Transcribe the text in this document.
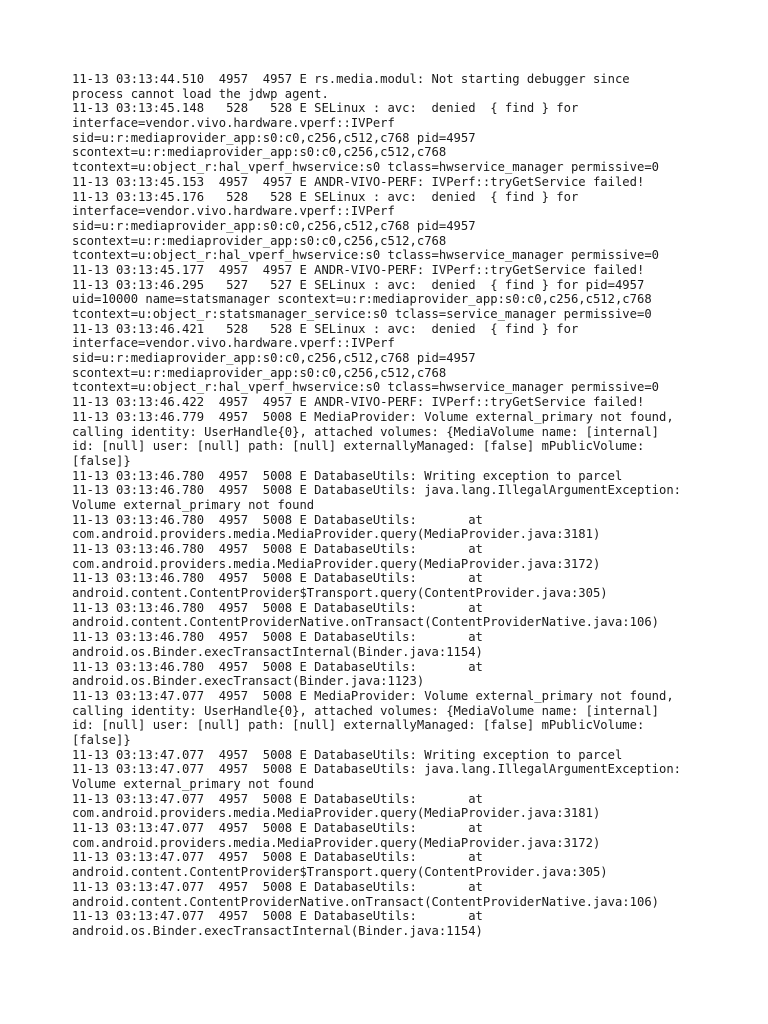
11-13 03:13:44.510  4957  4957 E rs.media.modul: Not starting debugger since
process cannot load the jdwp agent.
11-13 03:13:45.148   528   528 E SELinux : avc:  denied  { find } for
interface=vendor.vivo.hardware.vperf::IVPerf
sid=u:r:mediaprovider_app:s0:c0,c256,c512,c768 pid=4957
scontext=u:r:mediaprovider_app:s0:c0,c256,c512,c768
tcontext=u:object_r:hal_vperf_hwservice:s0 tclass=hwservice_manager permissive=0
11-13 03:13:45.153  4957  4957 E ANDR-VIVO-PERF: IVPerf::tryGetService failed!
11-13 03:13:45.176   528   528 E SELinux : avc:  denied  { find } for
interface=vendor.vivo.hardware.vperf::IVPerf
sid=u:r:mediaprovider_app:s0:c0,c256,c512,c768 pid=4957
scontext=u:r:mediaprovider_app:s0:c0,c256,c512,c768
tcontext=u:object_r:hal_vperf_hwservice:s0 tclass=hwservice_manager permissive=0
11-13 03:13:45.177  4957  4957 E ANDR-VIVO-PERF: IVPerf::tryGetService failed!
11-13 03:13:46.295   527   527 E SELinux : avc:  denied  { find } for pid=4957
uid=10000 name=statsmanager scontext=u:r:mediaprovider_app:s0:c0,c256,c512,c768
tcontext=u:object_r:statsmanager_service:s0 tclass=service_manager permissive=0
11-13 03:13:46.421   528   528 E SELinux : avc:  denied  { find } for
interface=vendor.vivo.hardware.vperf::IVPerf
sid=u:r:mediaprovider_app:s0:c0,c256,c512,c768 pid=4957
scontext=u:r:mediaprovider_app:s0:c0,c256,c512,c768
tcontext=u:object_r:hal_vperf_hwservice:s0 tclass=hwservice_manager permissive=0
11-13 03:13:46.422  4957  4957 E ANDR-VIVO-PERF: IVPerf::tryGetService failed!
11-13 03:13:46.779  4957  5008 E MediaProvider: Volume external_primary not found,
calling identity: UserHandle{0}, attached volumes: {MediaVolume name: [internal]
id: [null] user: [null] path: [null] externallyManaged: [false] mPublicVolume:
[false]}
11-13 03:13:46.780  4957  5008 E DatabaseUtils: Writing exception to parcel
11-13 03:13:46.780  4957  5008 E DatabaseUtils: java.lang.IllegalArgumentException:
Volume external_primary not found
11-13 03:13:46.780  4957  5008 E DatabaseUtils:       at
com.android.providers.media.MediaProvider.query(MediaProvider.java:3181)
11-13 03:13:46.780  4957  5008 E DatabaseUtils:       at
com.android.providers.media.MediaProvider.query(MediaProvider.java:3172)
11-13 03:13:46.780  4957  5008 E DatabaseUtils:       at
android.content.ContentProvider$Transport.query(ContentProvider.java:305)
11-13 03:13:46.780  4957  5008 E DatabaseUtils:       at
android.content.ContentProviderNative.onTransact(ContentProviderNative.java:106)
11-13 03:13:46.780  4957  5008 E DatabaseUtils:       at
android.os.Binder.execTransactInternal(Binder.java:1154)
11-13 03:13:46.780  4957  5008 E DatabaseUtils:       at
android.os.Binder.execTransact(Binder.java:1123)
11-13 03:13:47.077  4957  5008 E MediaProvider: Volume external_primary not found,
calling identity: UserHandle{0}, attached volumes: {MediaVolume name: [internal]
id: [null] user: [null] path: [null] externallyManaged: [false] mPublicVolume:
[false]}
11-13 03:13:47.077  4957  5008 E DatabaseUtils: Writing exception to parcel
11-13 03:13:47.077  4957  5008 E DatabaseUtils: java.lang.IllegalArgumentException:
Volume external_primary not found
11-13 03:13:47.077  4957  5008 E DatabaseUtils:       at
com.android.providers.media.MediaProvider.query(MediaProvider.java:3181)
11-13 03:13:47.077  4957  5008 E DatabaseUtils:       at
com.android.providers.media.MediaProvider.query(MediaProvider.java:3172)
11-13 03:13:47.077  4957  5008 E DatabaseUtils:       at
android.content.ContentProvider$Transport.query(ContentProvider.java:305)
11-13 03:13:47.077  4957  5008 E DatabaseUtils:       at
android.content.ContentProviderNative.onTransact(ContentProviderNative.java:106)
11-13 03:13:47.077  4957  5008 E DatabaseUtils:       at
android.os.Binder.execTransactInternal(Binder.java:1154)
